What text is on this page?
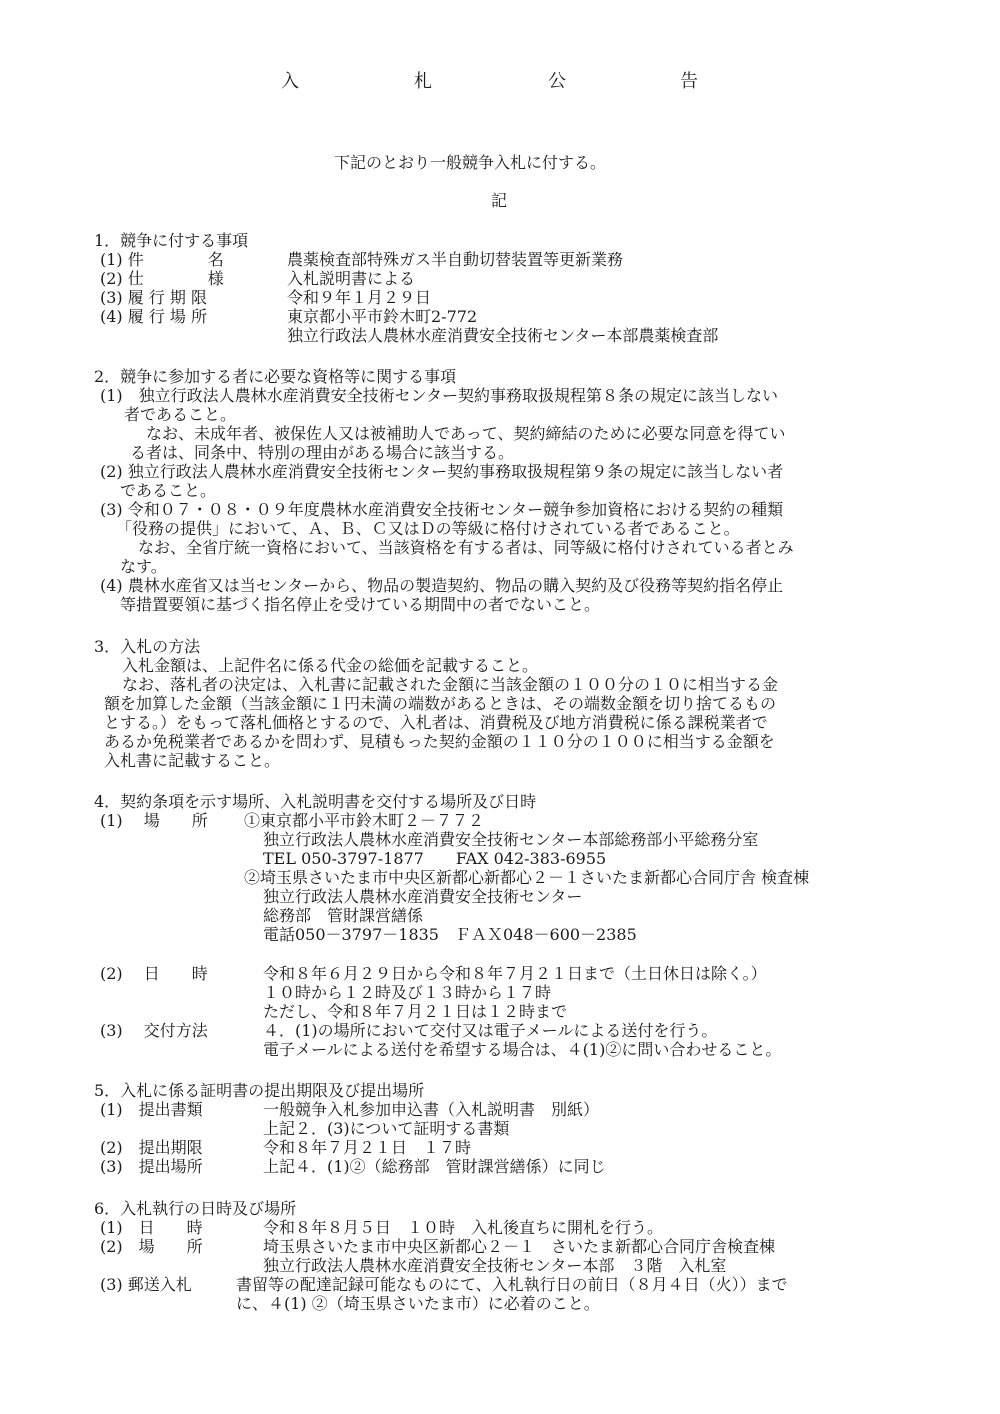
入	札	公	告
下記のとおり一般競争入札に付する。
記
1．競争に付する事項
(1) 件　　　　名	農薬検査部特殊ガス半自動切替装置等更新業務
(2) 仕　　　　様	入札説明書による
(3) 履 行 期 限	令和９年１月２９日
(4) 履 行 場 所	東京都小平市鈴木町2-772
独立行政法人農林水産消費安全技術センター本部農薬検査部
2．競争に参加する者に必要な資格等に関する事項
(1)　独立行政法人農林水産消費安全技術センター契約事務取扱規程第８条の規定に該当しない
者であること。
なお、未成年者、被保佐人又は被補助人であって、契約締結のために必要な同意を得てい
る者は、同条中、特別の理由がある場合に該当する。
(2) 独立行政法人農林水産消費安全技術センター契約事務取扱規程第９条の規定に該当しない者
であること。
(3) 令和０７・０８・０９年度農林水産消費安全技術センター競争参加資格における契約の種類
「役務の提供」において、Ａ、Ｂ、Ｃ又はＤの等級に格付けされている者であること。
なお、全省庁統一資格において、当該資格を有する者は、同等級に格付けされている者とみ
なす。
(4) 農林水産省又は当センターから、物品の製造契約、物品の購入契約及び役務等契約指名停止
等措置要領に基づく指名停止を受けている期間中の者でないこと。
3．入札の方法
入札金額は、上記件名に係る代金の総価を記載すること。
なお、落札者の決定は、入札書に記載された金額に当該金額の１００分の１０に相当する金
額を加算した金額（当該金額に１円未満の端数があるときは、その端数金額を切り捨てるもの
とする。）をもって落札価格とするので、入札者は、消費税及び地方消費税に係る課税業者で
あるか免税業者であるかを問わず、見積もった契約金額の１１０分の１００に相当する金額を
入札書に記載すること。
4．契約条項を示す場所、入札説明書を交付する場所及び日時
(1)　 場　　所 ①東京都小平市鈴木町２－７７２
独立行政法人農林水産消費安全技術センター本部総務部小平総務分室
TEL 050-3797-1877　　FAX 042-383-6955
②埼玉県さいたま市中央区新都心新都心２－１さいたま新都心合同庁舎 検査棟
独立行政法人農林水産消費安全技術センター
総務部　管財課営繕係
電話050－3797－1835　ＦＡＸ048－600－2385
(2)　 日　　時	令和８年６月２９日から令和８年７月２１日まで（土日休日は除く。）
１０時から１２時及び１３時から１７時
ただし、令和８年７月２１日は１２時まで
(3)　 交付方法	４．(1)の場所において交付又は電子メールによる送付を行う。
電子メールによる送付を希望する場合は、４(1)②に問い合わせること。
5．入札に係る証明書の提出期限及び提出場所
(1)　提出書類	一般競争入札参加申込書（入札説明書　別紙）
上記２．(3)について証明する書類
(2)　提出期限	令和８年７月２１日　１７時
(3)　提出場所	上記４．(1)②（総務部　管財課営繕係）に同じ
6．入札執行の日時及び場所
(1)　日　　時	令和８年８月５日　１０時　入札後直ちに開札を行う。
(2)　場　　所	埼玉県さいたま市中央区新都心２－１　さいたま新都心合同庁舎検査棟
独立行政法人農林水産消費安全技術センター本部　３階　入札室
(3) 郵送入札	書留等の配達記録可能なものにて、入札執行日の前日（８月４日（火））まで
に、４(1) ②（埼玉県さいたま市）に必着のこと。
